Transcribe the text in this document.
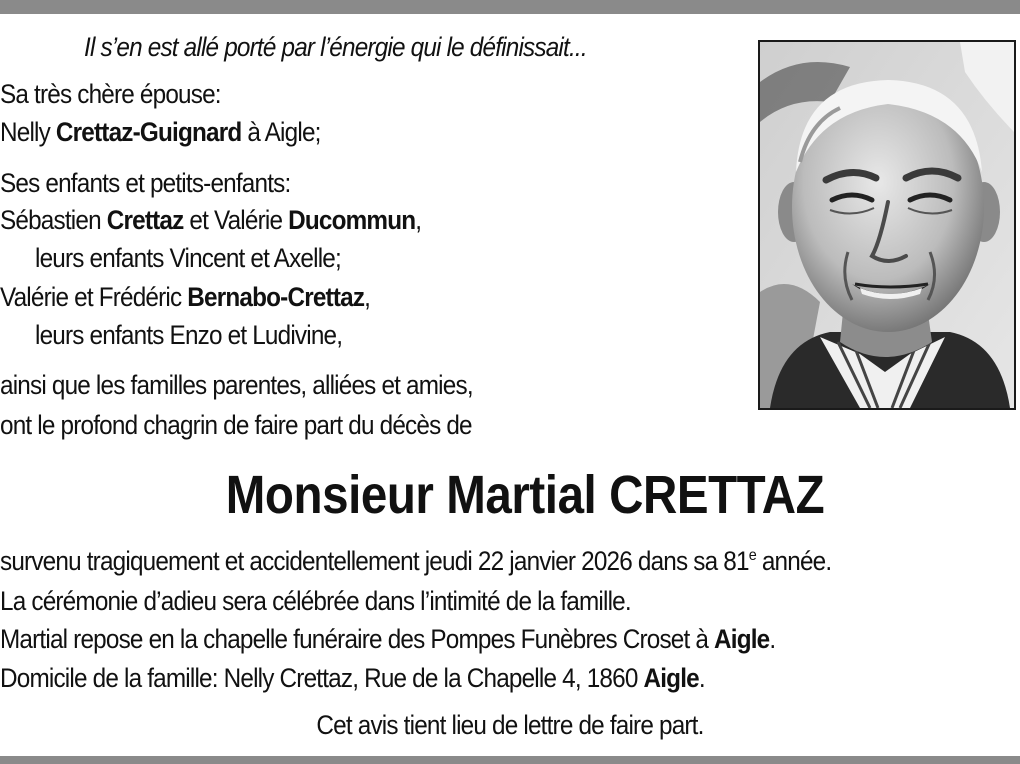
Il s’en est allé porté par l’énergie qui le définissait...
Sa très chère épouse:
Nelly Crettaz-Guignard à Aigle;
Ses enfants et petits-enfants:
Sébastien Crettaz et Valérie Ducommun,
leurs enfants Vincent et Axelle;
Valérie et Frédéric Bernabo-Crettaz,
leurs enfants Enzo et Ludivine,
ainsi que les familles parentes, alliées et amies,
ont le profond chagrin de faire part du décès de
Monsieur Martial CRETTAZ
survenu tragiquement et accidentellement jeudi 22 janvier 2026 dans sa 81e année.
La cérémonie d’adieu sera célébrée dans l’intimité de la famille.
Martial repose en la chapelle funéraire des Pompes Funèbres Croset à Aigle.
Domicile de la famille: Nelly Crettaz, Rue de la Chapelle 4, 1860 Aigle.
Cet avis tient lieu de lettre de faire part.
